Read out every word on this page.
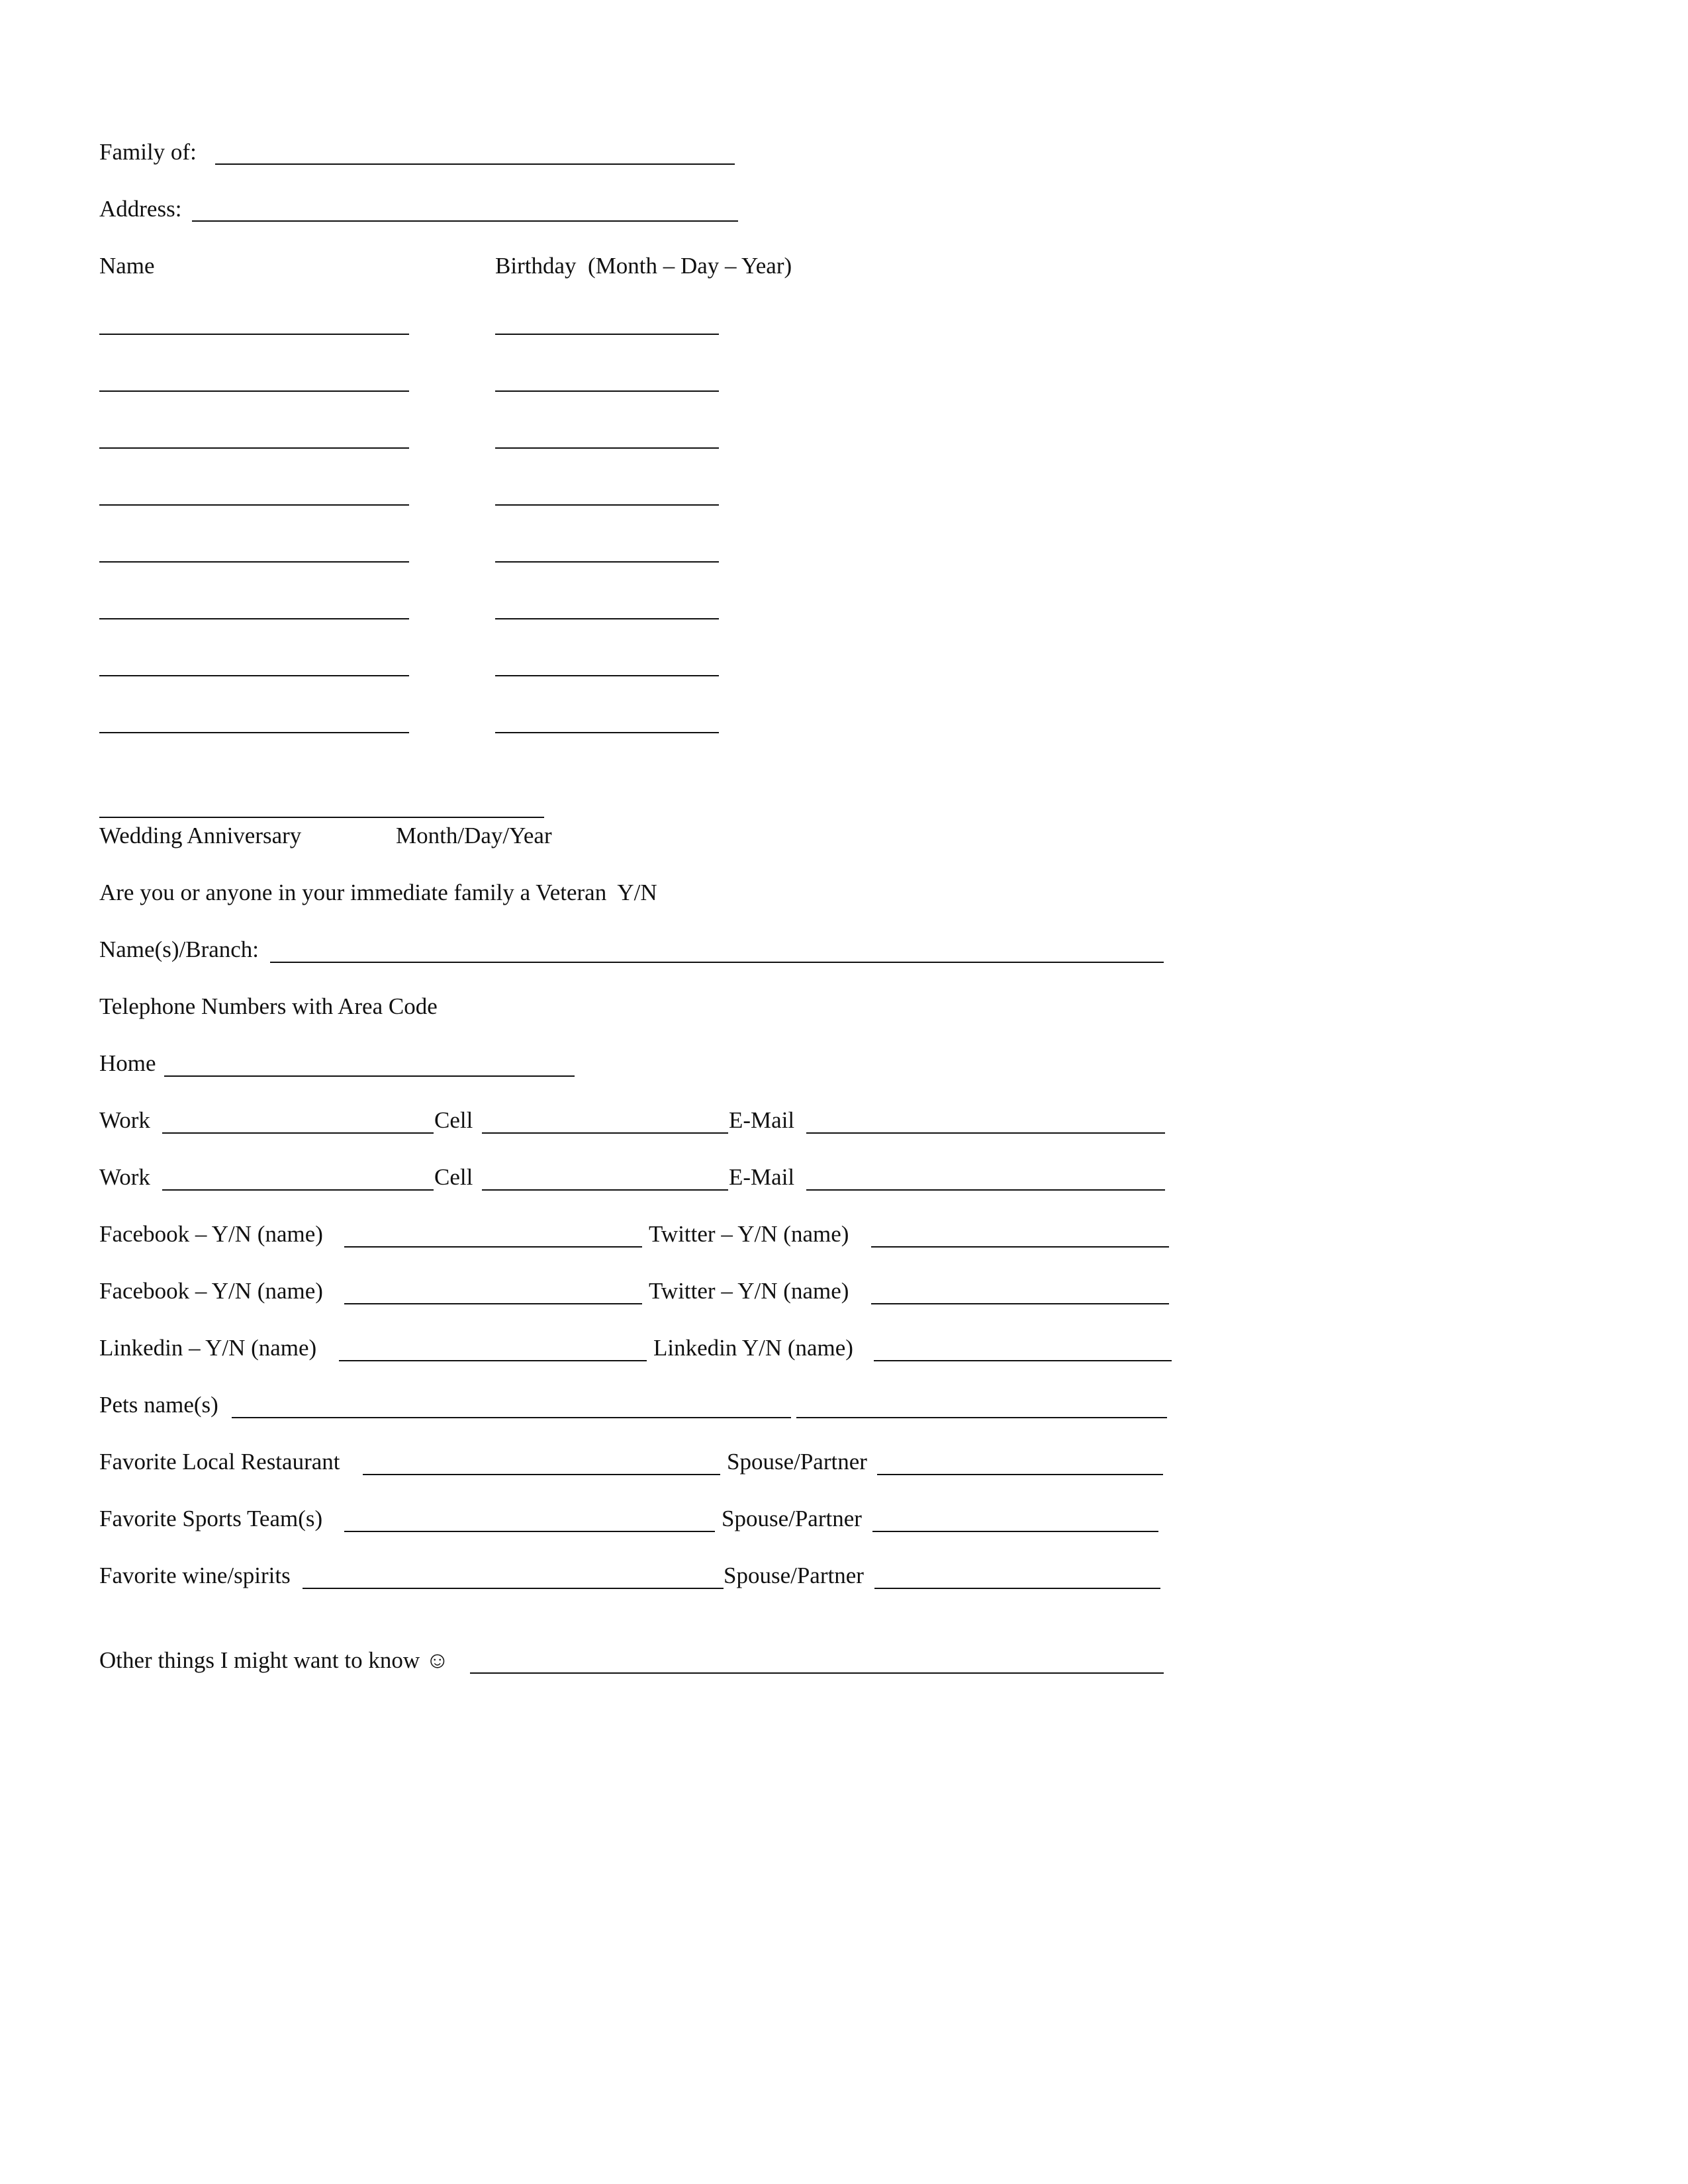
Family of:
Address:
Name	Birthday  (Month – Day – Year)
Wedding Anniversary	Month/Day/Year
Are you or anyone in your immediate family a Veteran  Y/N
Name(s)/Branch:
Telephone Numbers with Area Code
Home
Work	Cell	E-Mail
Work	Cell	E-Mail
Facebook – Y/N (name)	Twitter – Y/N (name)
Facebook – Y/N (name)	Twitter – Y/N (name)
Linkedin – Y/N (name)	Linkedin Y/N (name)
Pets name(s)
Favorite Local Restaurant	Spouse/Partner
Favorite Sports Team(s)	Spouse/Partner
Favorite wine/spirits	Spouse/Partner
Other things I might want to know ☺
